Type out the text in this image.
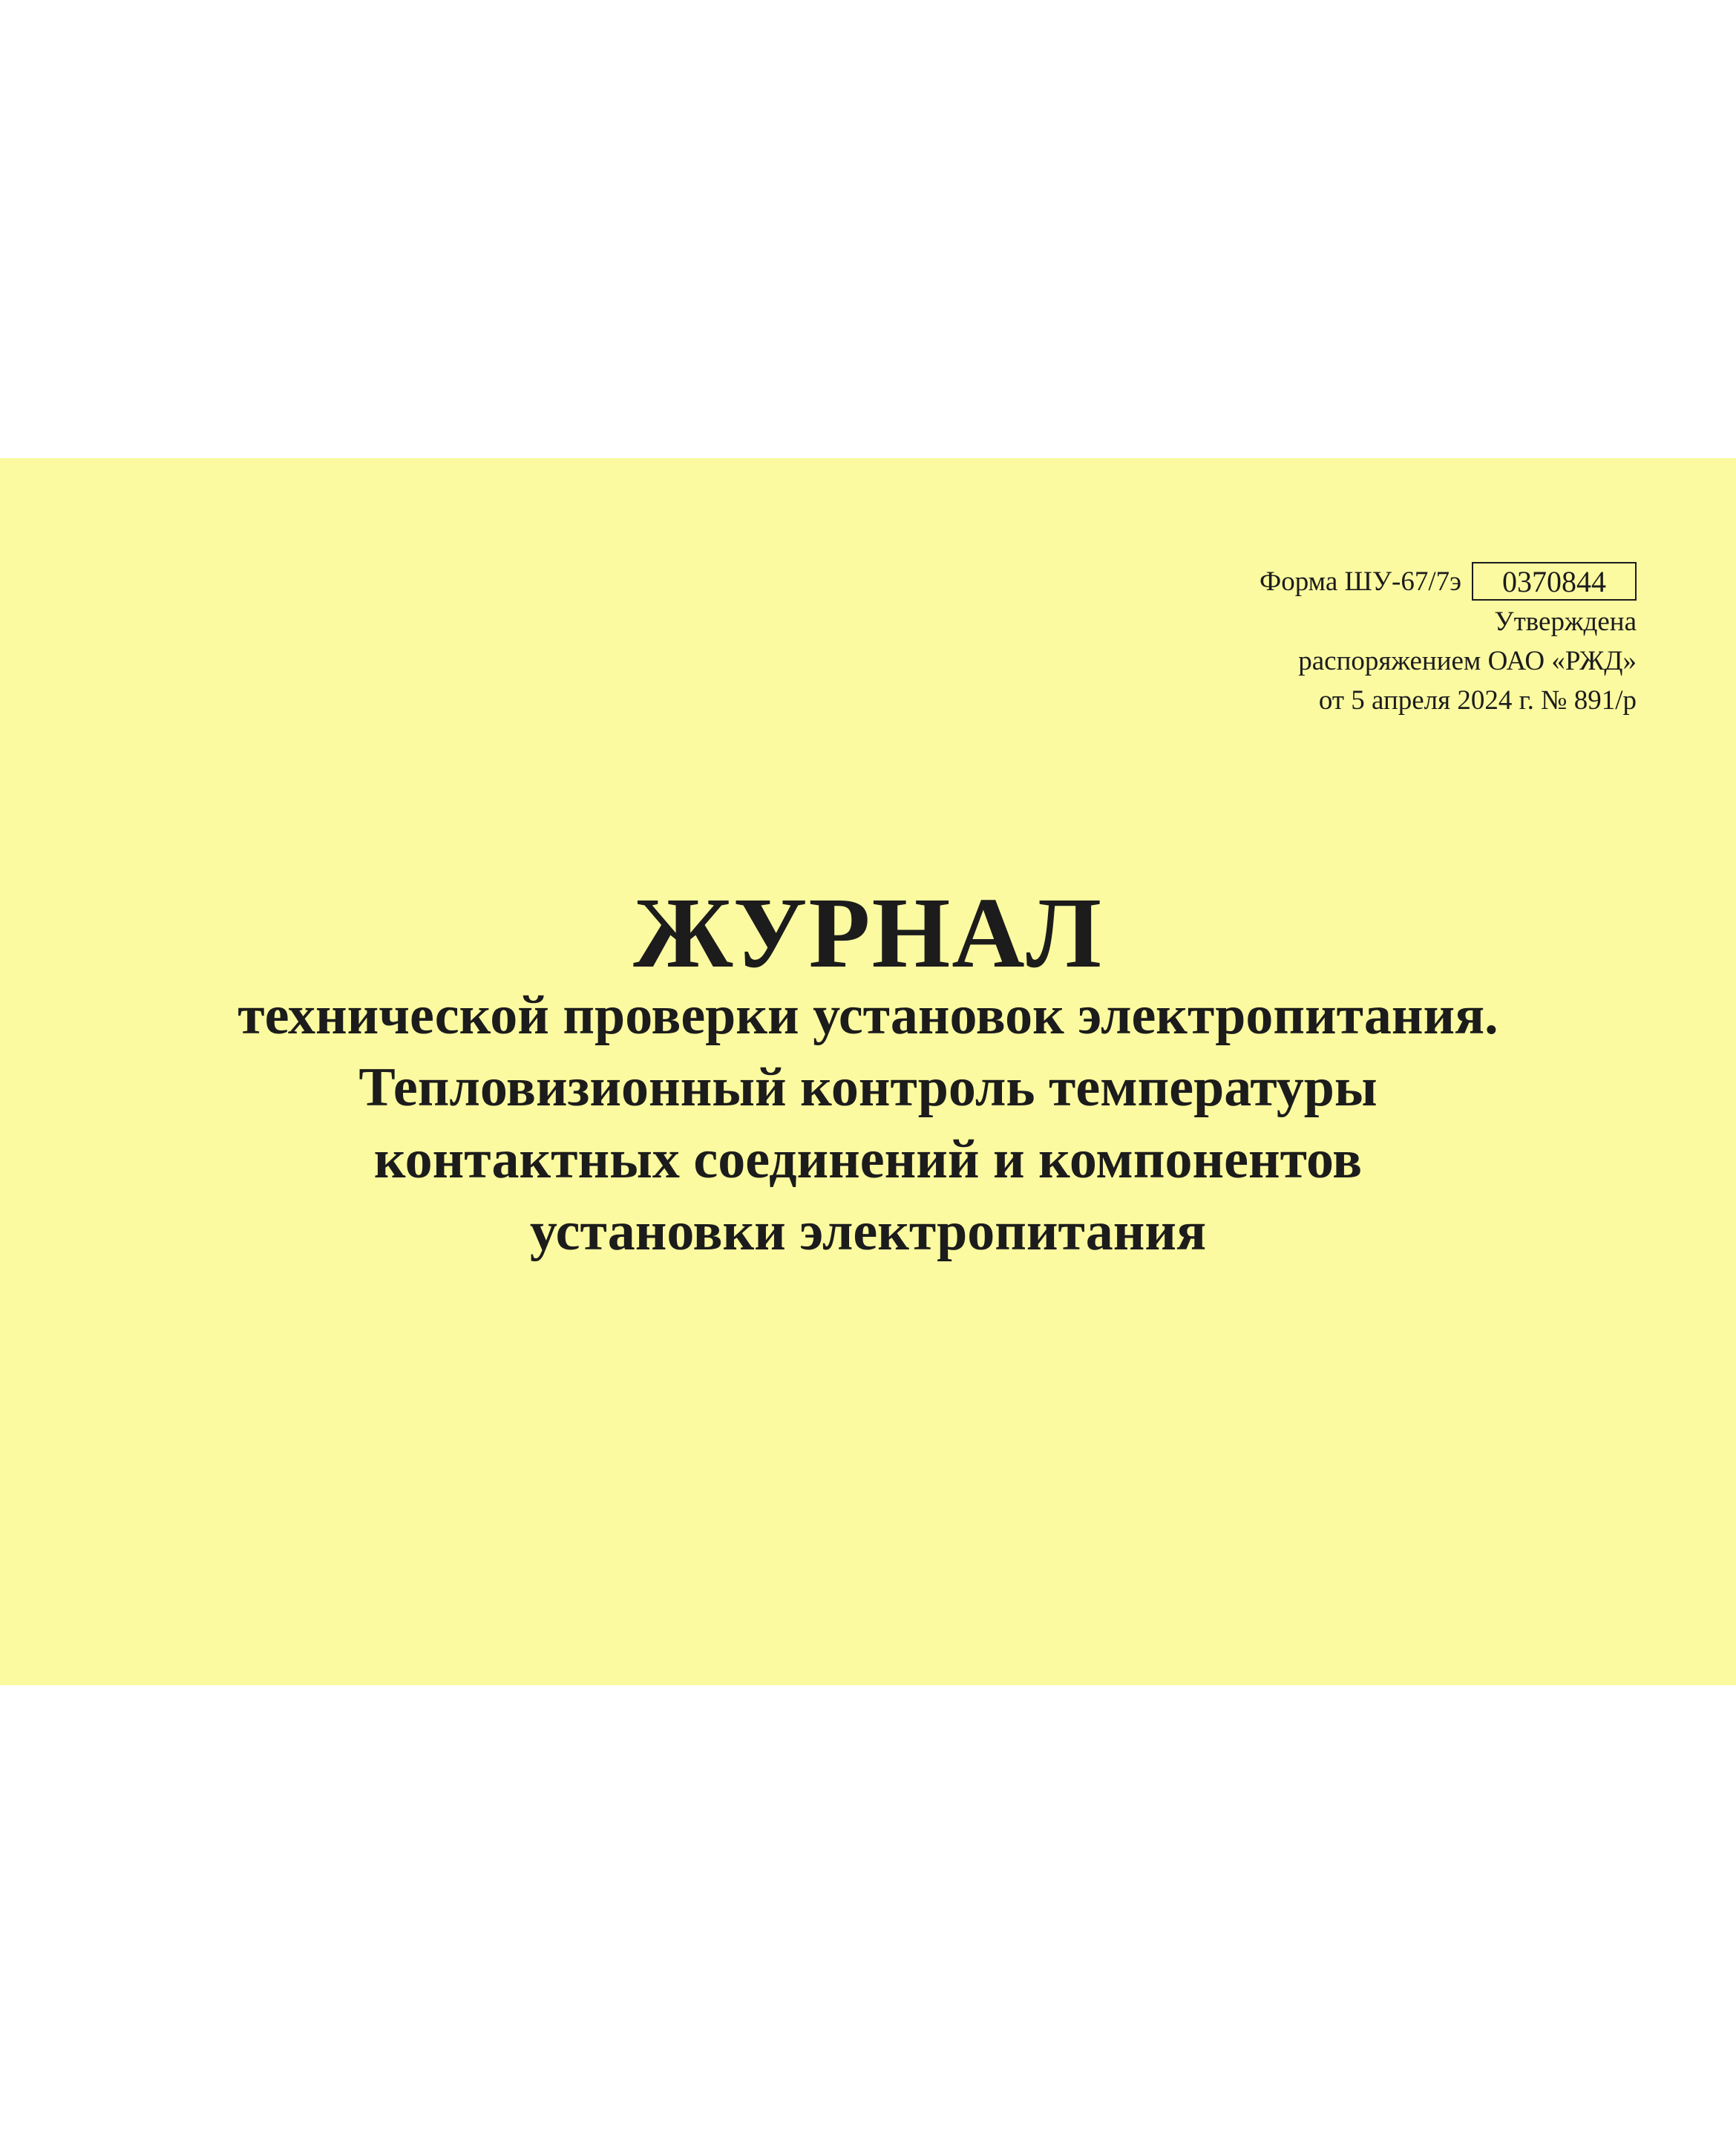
Форма ШУ-67/7э 0370844
Утверждена
распоряжением ОАО «РЖД»
от 5 апреля 2024 г. № 891/р
ЖУРНАЛ
технической проверки установок электропитания.
Тепловизионный контроль температуры
контактных соединений и компонентов
установки электропитания
